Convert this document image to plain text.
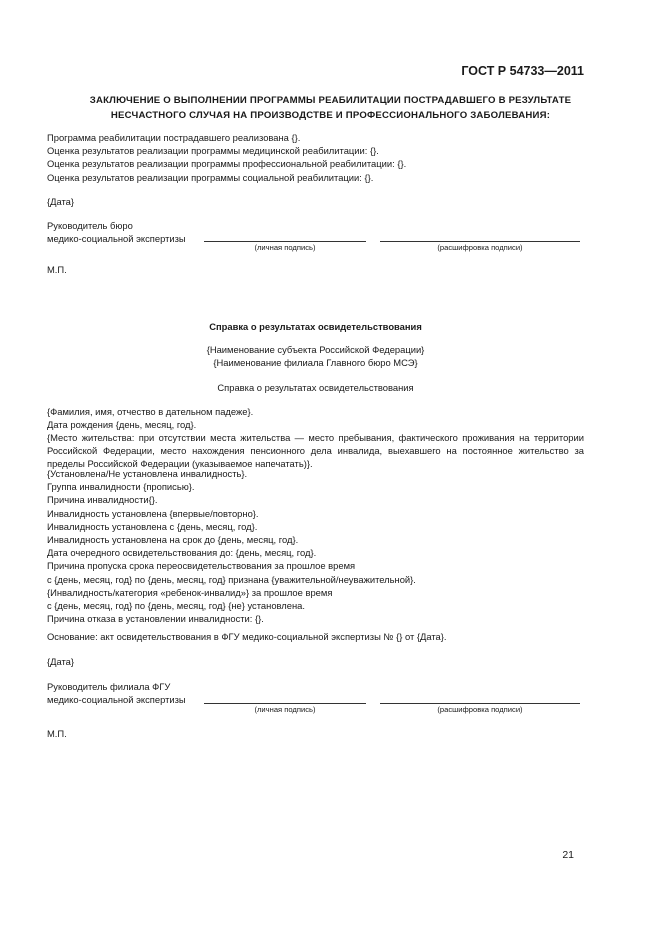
ГОСТ Р 54733—2011
ЗАКЛЮЧЕНИЕ О ВЫПОЛНЕНИИ ПРОГРАММЫ РЕАБИЛИТАЦИИ ПОСТРАДАВШЕГО В РЕЗУЛЬТАТЕ
НЕСЧАСТНОГО СЛУЧАЯ НА ПРОИЗВОДСТВЕ И ПРОФЕССИОНАЛЬНОГО ЗАБОЛЕВАНИЯ:
Программа реабилитации пострадавшего реализована {}.
Оценка результатов реализации программы медицинской реабилитации: {}.
Оценка результатов реализации программы профессиональной реабилитации: {}.
Оценка результатов реализации программы социальной реабилитации: {}.
{Дата}
Руководитель бюро
медико-социальной экспертизы
(личная подпись)	(расшифровка подписи)
М.П.
Справка о результатах освидетельствования
{Наименование субъекта Российской Федерации}
{Наименование филиала Главного бюро МСЭ}
Справка о результатах освидетельствования
{Фамилия, имя, отчество в дательном падеже}.
Дата рождения {день, месяц, год}.
{Место жительства: при отсутствии места жительства — место пребывания, фактического проживания на территории Российской Федерации, место нахождения пенсионного дела инвалида, выехавшего на постоянное жительство за пределы Российской Федерации (указываемое напечатать)}.
{Установлена/Не установлена инвалидность}.
Группа инвалидности {прописью}.
Причина инвалидности{}.
Инвалидность установлена {впервые/повторно}.
Инвалидность установлена с {день, месяц, год}.
Инвалидность установлена на срок до {день, месяц, год}.
Дата очередного освидетельствования до: {день, месяц, год}.
Причина пропуска срока переосвидетельствования за прошлое время
с {день, месяц, год} по {день, месяц, год} признана {уважительной/неуважительной}.
{Инвалидность/категория «ребенок-инвалид»} за прошлое время
с {день, месяц, год} по {день, месяц, год} {не} установлена.
Причина отказа в установлении инвалидности: {}.
Основание: акт освидетельствования в ФГУ медико-социальной экспертизы № {} от {Дата}.
{Дата}
Руководитель филиала ФГУ
медико-социальной экспертизы
(личная подпись)	(расшифровка подписи)
М.П.
21
